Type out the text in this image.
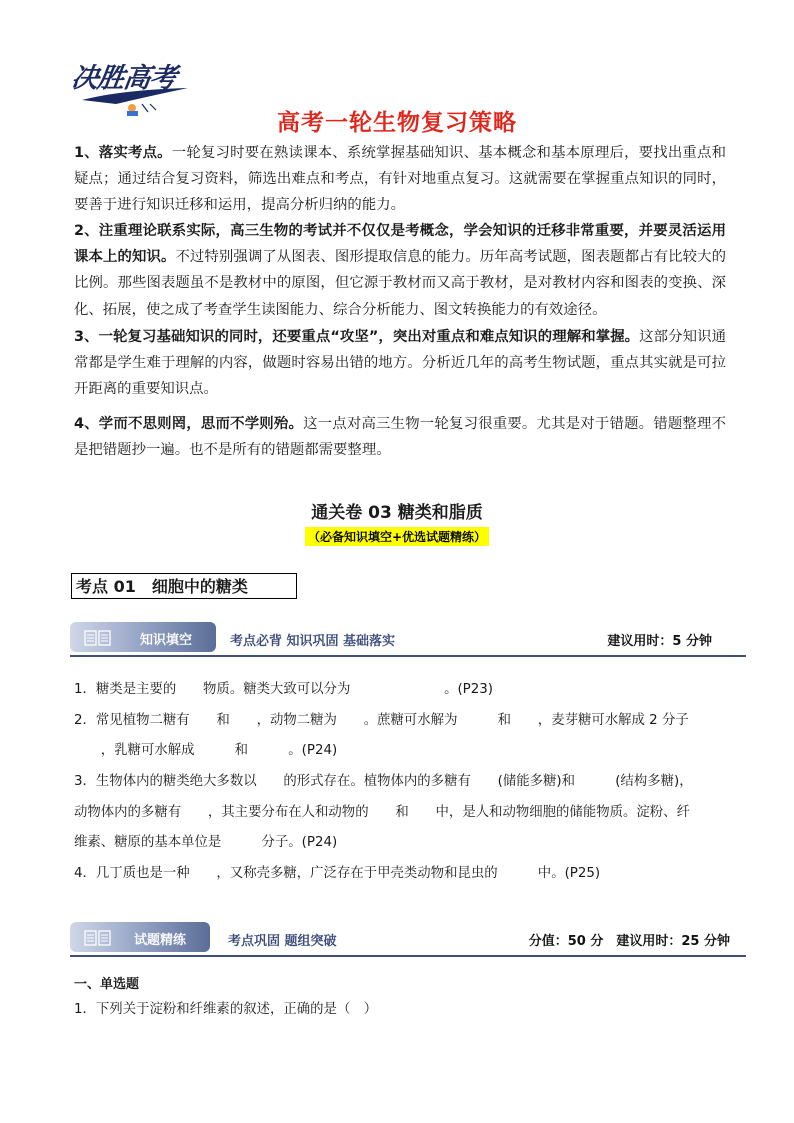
决胜高考
高考一轮生物复习策略
1、落实考点。一轮复习时要在熟读课本、系统掌握基础知识、基本概念和基本原理后，要找出重点和疑点；通过结合复习资料，筛选出难点和考点，有针对地重点复习。这就需要在掌握重点知识的同时，要善于进行知识迁移和运用，提高分析归纳的能力。
2、注重理论联系实际，高三生物的考试并不仅仅是考概念，学会知识的迁移非常重要，并要灵活运用课本上的知识。不过特别强调了从图表、图形提取信息的能力。历年高考试题，图表题都占有比较大的比例。那些图表题虽不是教材中的原图，但它源于教材而又高于教材，是对教材内容和图表的变换、深化、拓展，使之成了考查学生读图能力、综合分析能力、图文转换能力的有效途径。
3、一轮复习基础知识的同时，还要重点“攻坚”，突出对重点和难点知识的理解和掌握。这部分知识通常都是学生难于理解的内容，做题时容易出错的地方。分析近几年的高考生物试题，重点其实就是可拉开距离的重要知识点。
4、学而不思则罔，思而不学则殆。这一点对高三生物一轮复习很重要。尤其是对于错题。错题整理不是把错题抄一遍。也不是所有的错题都需要整理。
通关卷 03 糖类和脂质
（必备知识填空+优选试题精练）
考点 01　细胞中的糖类
知识填空	考点必背 知识巩固 基础落实	建议用时：5 分钟
1．糖类是主要的　　物质。糖类大致可以分为　　　　　　　。(P23)
2．常见植物二糖有　　和　　，动物二糖为　　。蔗糖可水解为　　　和　　，麦芽糖可水解成 2 分子
　　，乳糖可水解成　　　和　　　。(P24)
3．生物体内的糖类绝大多数以　　的形式存在。植物体内的多糖有　　(储能多糖)和　　　(结构多糖)，
动物体内的多糖有　　，其主要分布在人和动物的　　和　　中，是人和动物细胞的储能物质。淀粉、纤
维素、糖原的基本单位是　　　分子。(P24)
4．几丁质也是一种　　，又称壳多糖，广泛存在于甲壳类动物和昆虫的　　　中。(P25)
试题精练	考点巩固 题组突破	分值：50 分　建议用时：25 分钟
一、单选题
1．下列关于淀粉和纤维素的叙述，正确的是（　）
